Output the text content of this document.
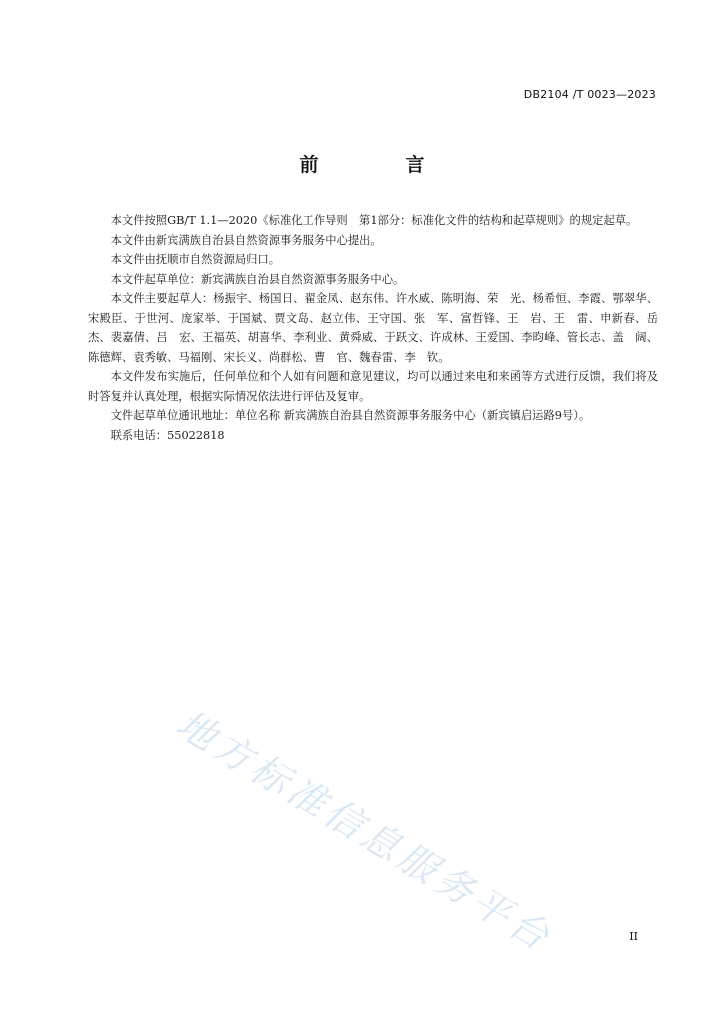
DB2104 /T 0023—2023
前　言

本文件按照GB/T 1.1—2020《标准化工作导则　第1部分：标准化文件的结构和起草规则》的规定起草。

本文件由新宾满族自治县自然资源事务服务中心提出。

本文件由抚顺市自然资源局归口。

本文件起草单位：新宾满族自治县自然资源事务服务中心。

本文件主要起草人：杨振宇、杨国日、翟金凤、赵东伟、许水威、陈明海、荣　光、杨希恒、李霞、鄂翠华、宋殿臣、于世河、庞家举、于国斌、贾文岛、赵立伟、王守国、张　军、富哲锋、王　岩、王　雷、申新春、岳　杰、裴嘉倩、吕　宏、王福英、胡喜华、李利业、黄舜威、于跃文、许成林、王爱国、李昀峰、管长志、盖　阔、陈德辉、袁秀敏、马福刚、宋长义、尚群松、曹　官、魏春雷、李　钦。

本文件发布实施后，任何单位和个人如有问题和意见建议，均可以通过来电和来函等方式进行反馈，我们将及时答复并认真处理，根据实际情况依法进行评估及复审。

文件起草单位通讯地址：单位名称 新宾满族自治县自然资源事务服务中心（新宾镇启运路9号）。

联系电话：55022818

地方标准信息服务平台	II
